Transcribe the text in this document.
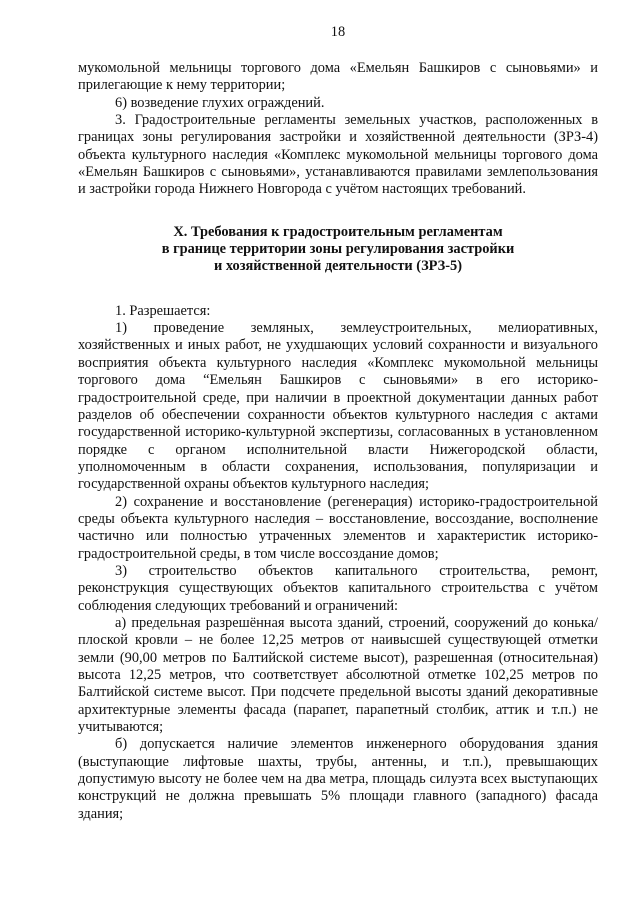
18

мукомольной мельницы торгового дома «Емельян Башкиров с сыновьями» и прилегающие к нему территории;

6) возведение глухих ограждений.

3. Градостроительные регламенты земельных участков, расположенных в границах зоны регулирования застройки и хозяйственной деятельности (ЗРЗ-4) объекта культурного наследия «Комплекс мукомольной мельницы торгового дома «Емельян Башкиров с сыновьями», устанавливаются правилами землепользования и застройки города Нижнего Новгорода с учётом настоящих требований.

X. Требования к градостроительным регламентам
в границе территории зоны регулирования застройки
и хозяйственной деятельности (ЗРЗ-5)

1. Разрешается:

1) проведение земляных, землеустроительных, мелиоративных, хозяйственных и иных работ, не ухудшающих условий сохранности и визуального восприятия объекта культурного наследия «Комплекс мукомольной мельницы торгового дома “Емельян Башкиров с сыновьями» в его историко-градостроительной среде, при наличии в проектной документации данных работ разделов об обеспечении сохранности объектов культурного наследия с актами государственной историко-культурной экспертизы, согласованных в установленном порядке с органом исполнительной власти Нижегородской области, уполномоченным в области сохранения, использования, популяризации и государственной охраны объектов культурного наследия;

2) сохранение и восстановление (регенерация) историко-градостроительной среды объекта культурного наследия – восстановление, воссоздание, восполнение частично или полностью утраченных элементов и характеристик историко-градостроительной среды, в том числе воссоздание домов;

3) строительство объектов капитального строительства, ремонт, реконструкция существующих объектов капитального строительства с учётом соблюдения следующих требований и ограничений:

а) предельная разрешённая высота зданий, строений, сооружений до конька/плоской кровли – не более 12,25 метров от наивысшей существующей отметки земли (90,00 метров по Балтийской системе высот), разрешенная (относительная) высота 12,25 метров, что соответствует абсолютной отметке 102,25 метров по Балтийской системе высот. При подсчете предельной высоты зданий декоративные архитектурные элементы фасада (парапет, парапетный столбик, аттик и т.п.) не учитываются;

б) допускается наличие элементов инженерного оборудования здания (выступающие лифтовые шахты, трубы, антенны, и т.п.), превышающих допустимую высоту не более чем на два метра, площадь силуэта всех выступающих конструкций не должна превышать 5% площади главного (западного) фасада здания;
